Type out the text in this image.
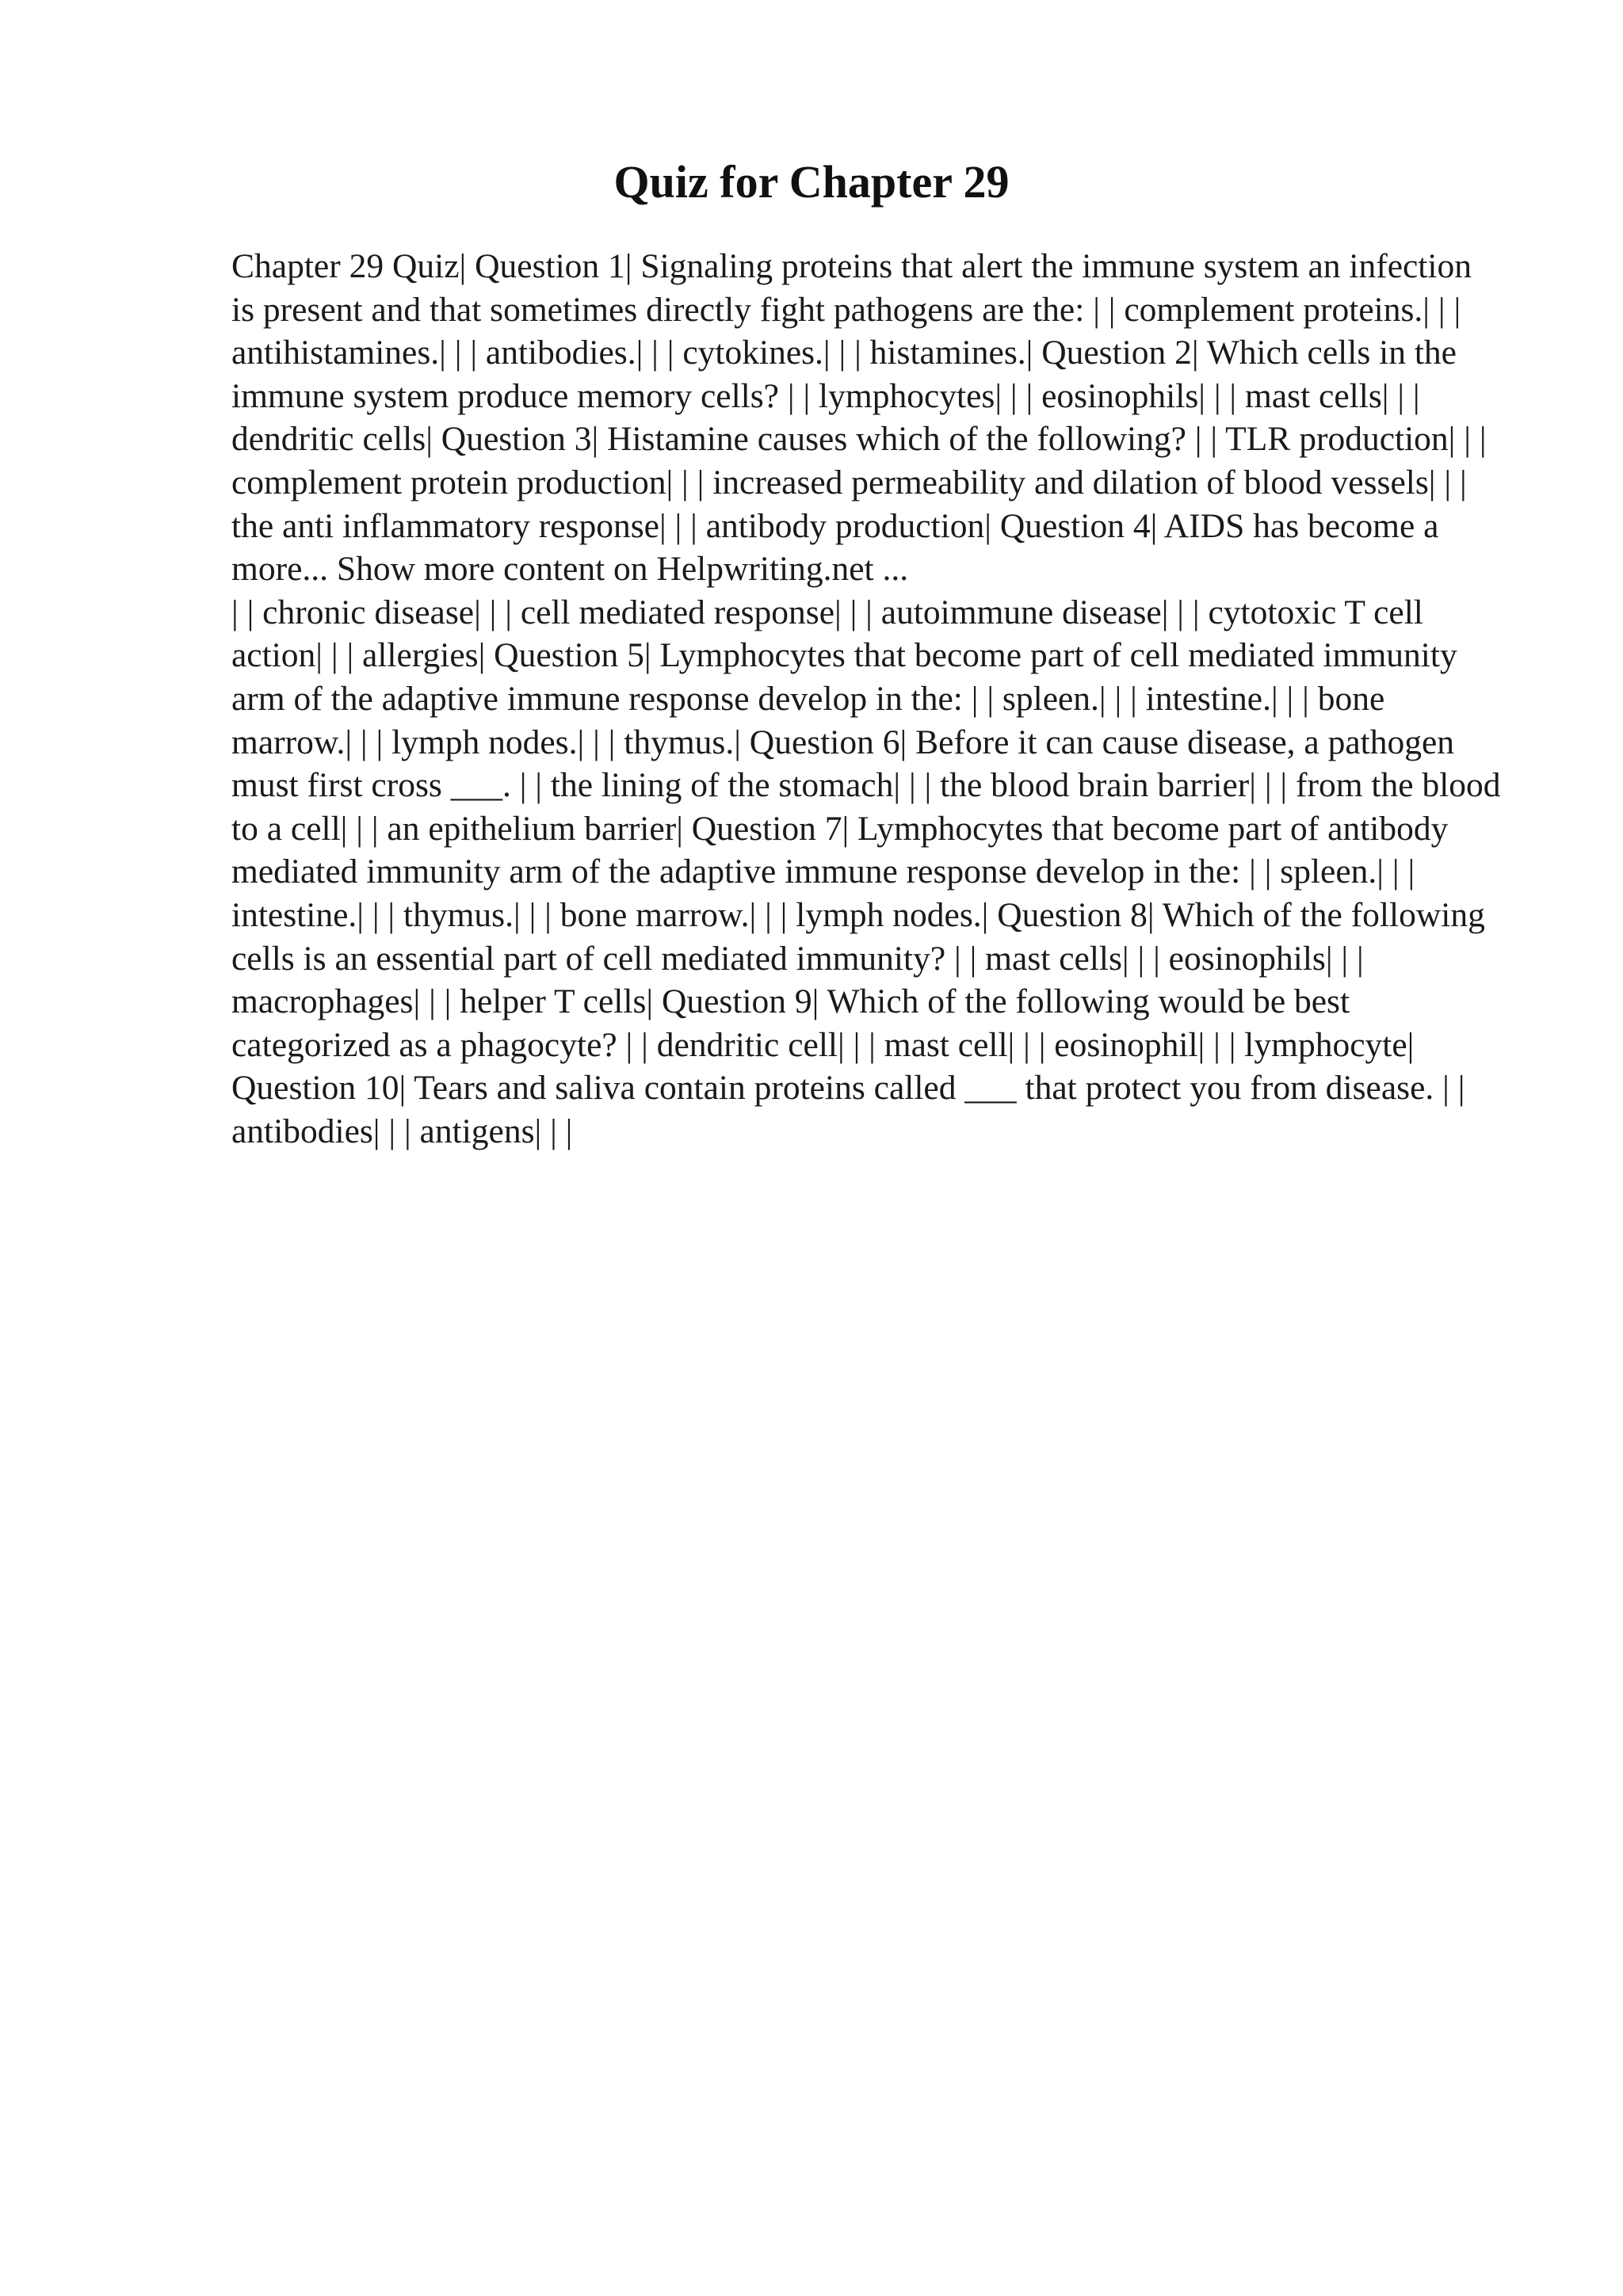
Quiz for Chapter 29

Chapter 29 Quiz| Question 1| Signaling proteins that alert the immune system an infection is present and that sometimes directly fight pathogens are the: | | complement proteins.| | | antihistamines.| | | antibodies.| | | cytokines.| | | histamines.| Question 2| Which cells in the immune system produce memory cells? | | lymphocytes| | | eosinophils| | | mast cells| | | dendritic cells| Question 3| Histamine causes which of the following? | | TLR production| | | complement protein production| | | increased permeability and dilation of blood vessels| | | the anti inflammatory response| | | antibody production| Question 4| AIDS has become a more... Show more content on Helpwriting.net ...

| | chronic disease| | | cell mediated response| | | autoimmune disease| | | cytotoxic T cell action| | | allergies| Question 5| Lymphocytes that become part of cell mediated immunity arm of the adaptive immune response develop in the: | | spleen.| | | intestine.| | | bone marrow.| | | lymph nodes.| | | thymus.| Question 6| Before it can cause disease, a pathogen must first cross ___. | | the lining of the stomach| | | the blood brain barrier| | | from the blood to a cell| | | an epithelium barrier| Question 7| Lymphocytes that become part of antibody mediated immunity arm of the adaptive immune response develop in the: | | spleen.| | | intestine.| | | thymus.| | | bone marrow.| | | lymph nodes.| Question 8| Which of the following cells is an essential part of cell mediated immunity? | | mast cells| | | eosinophils| | | macrophages| | | helper T cells| Question 9| Which of the following would be best categorized as a phagocyte? | | dendritic cell| | | mast cell| | | eosinophil| | | lymphocyte| Question 10| Tears and saliva contain proteins called ___ that protect you from disease. | | antibodies| | | antigens| | |
